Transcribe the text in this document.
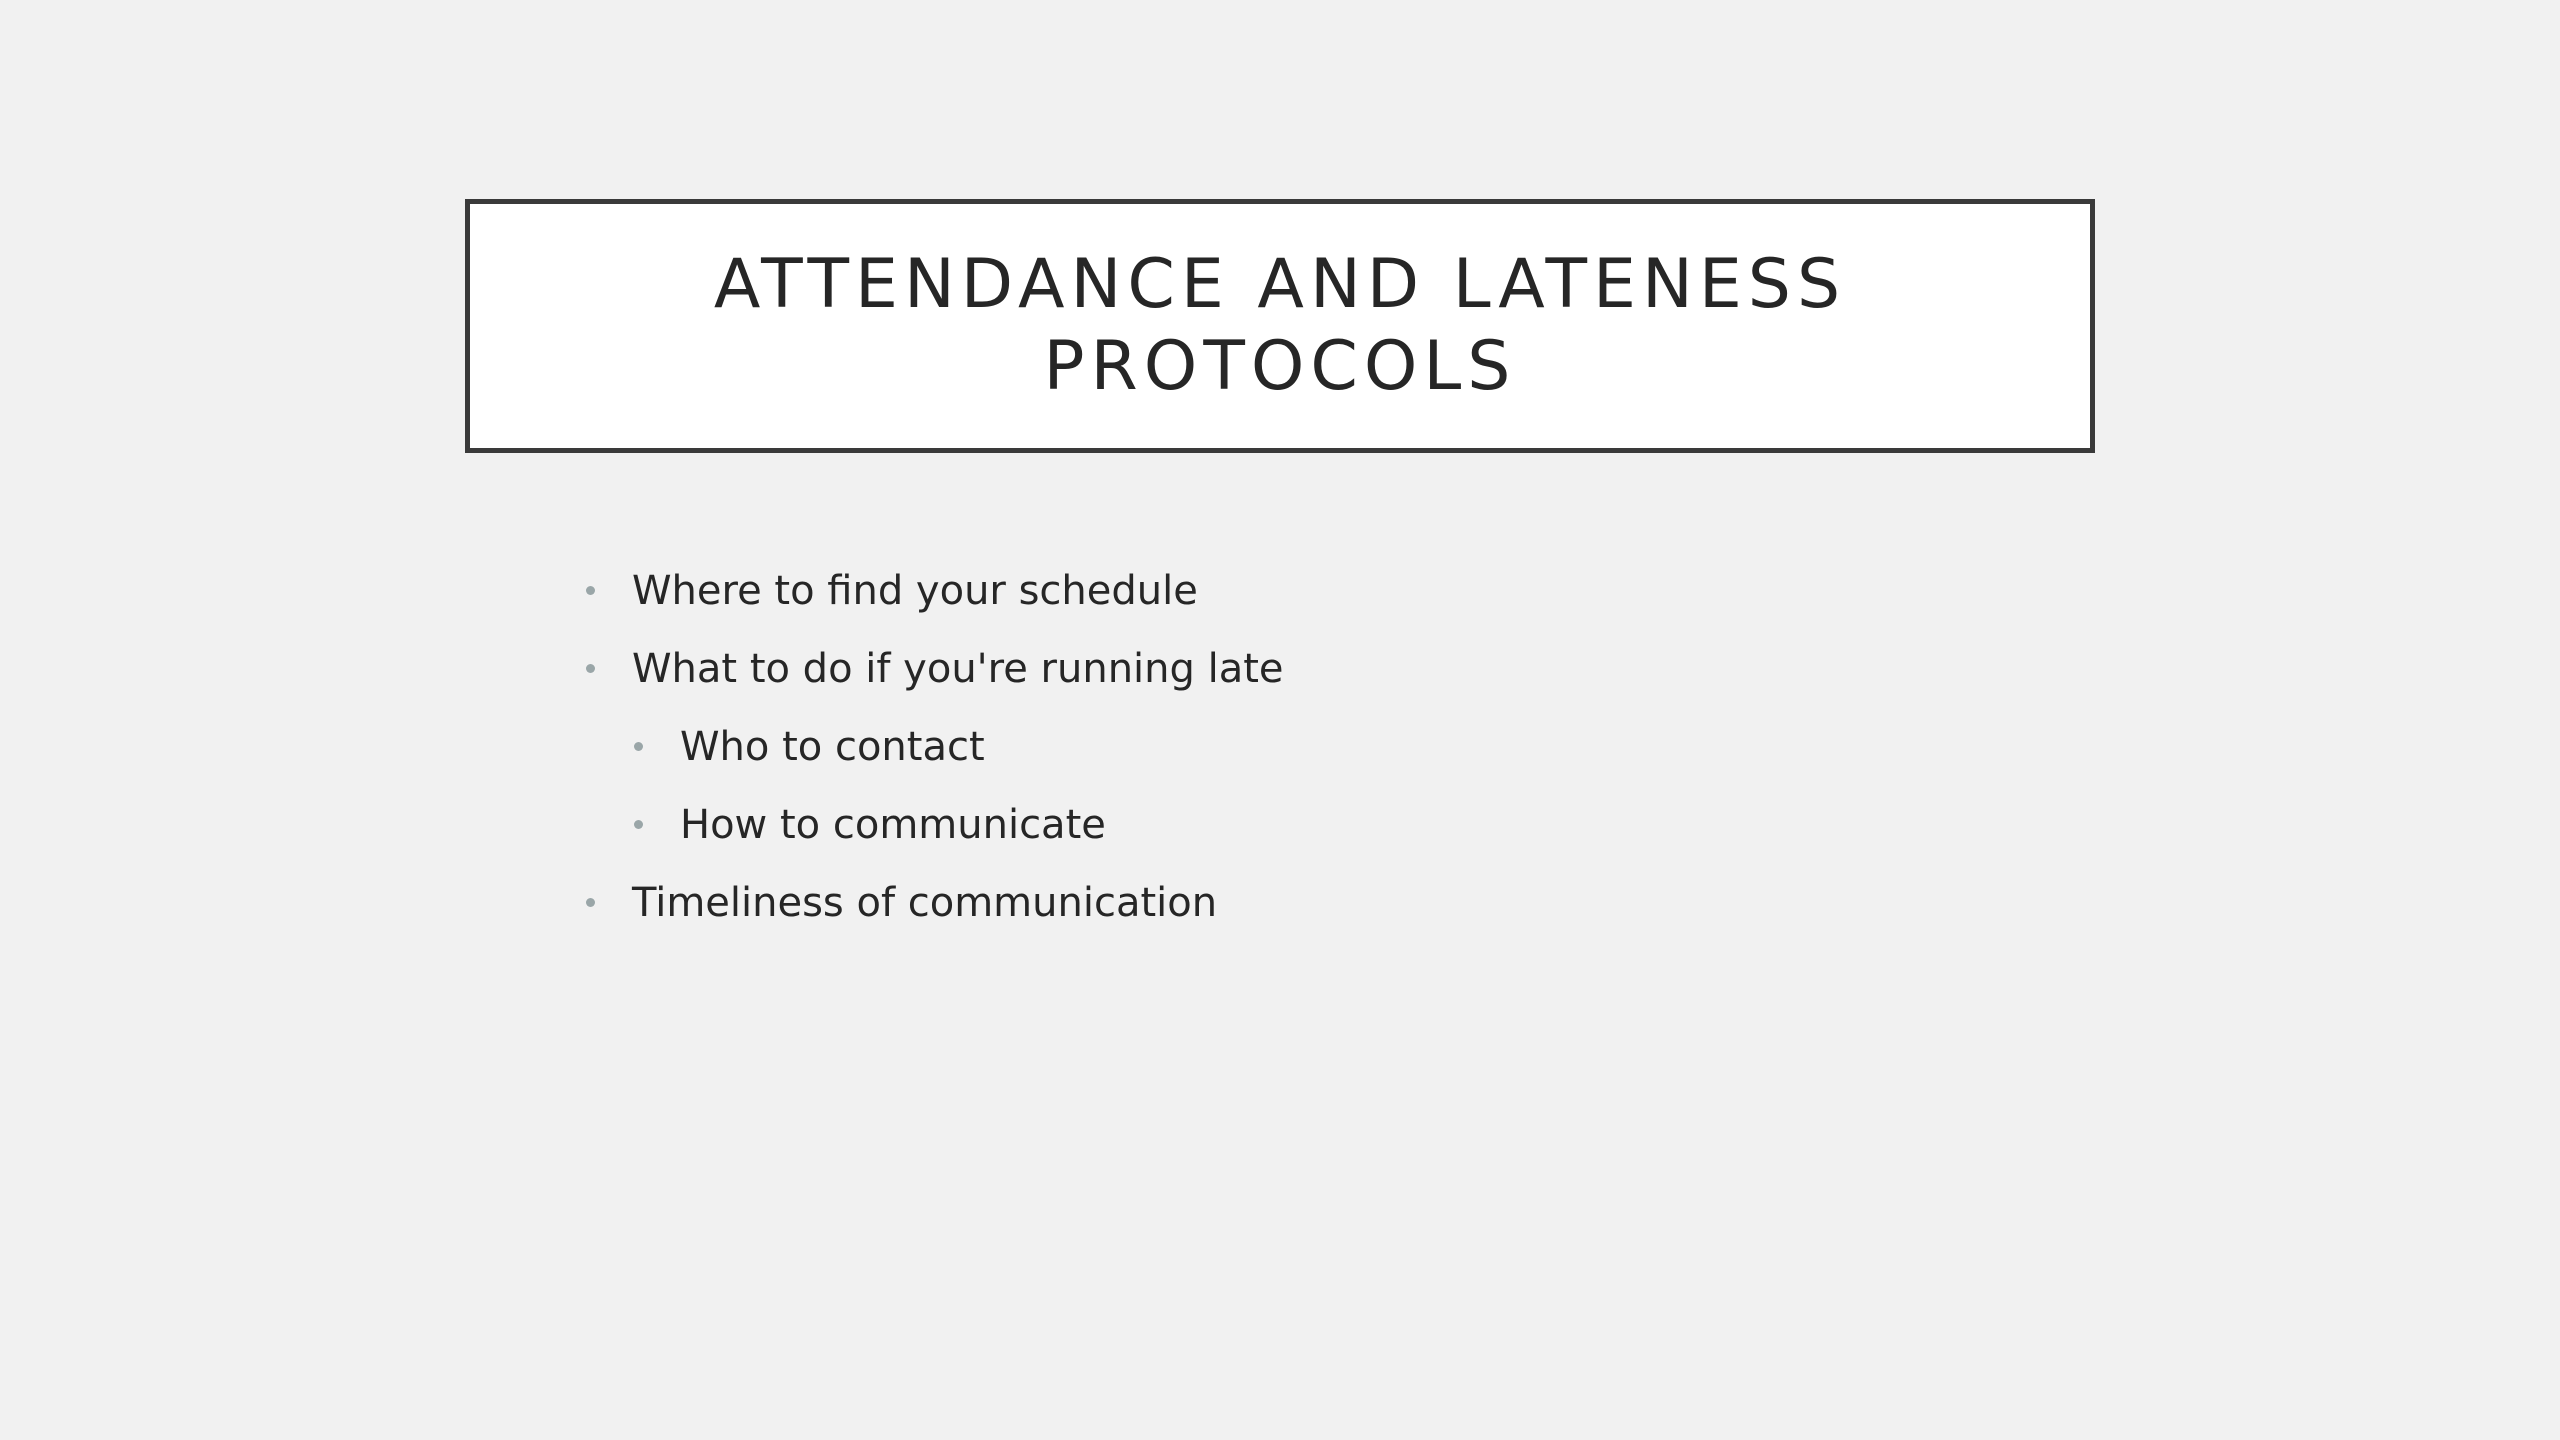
ATTENDANCE AND LATENESS
PROTOCOLS
Where to find your schedule
What to do if you're running late
Who to contact
How to communicate
Timeliness of communication
